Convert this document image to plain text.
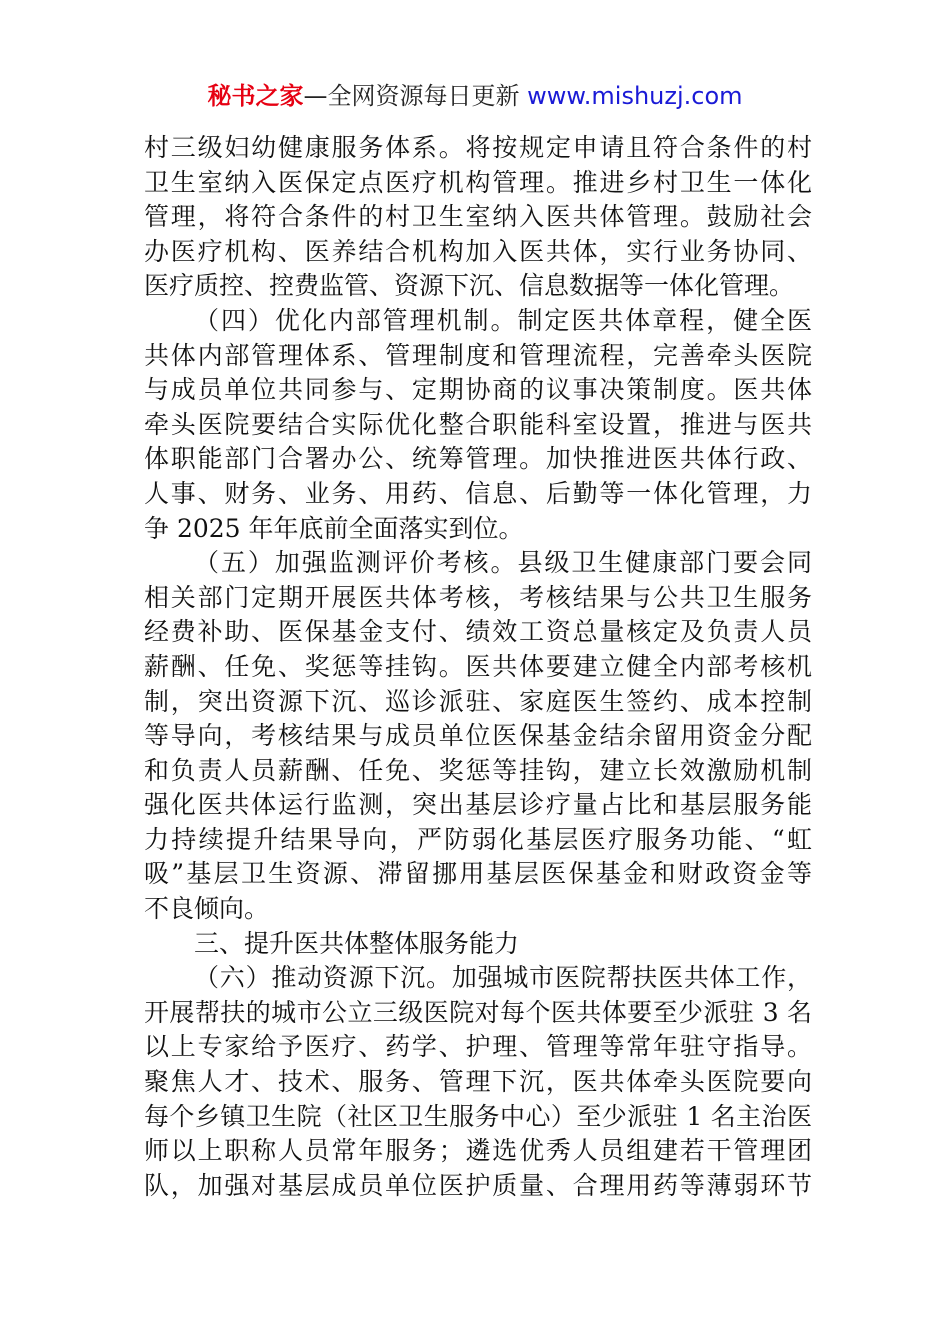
秘书之家—全网资源每日更新 www.mishuzj.com
村三级妇幼健康服务体系。将按规定申请且符合条件的村
卫生室纳入医保定点医疗机构管理。推进乡村卫生一体化
管理，将符合条件的村卫生室纳入医共体管理。鼓励社会
办医疗机构、医养结合机构加入医共体，实行业务协同、
医疗质控、控费监管、资源下沉、信息数据等一体化管理。
（四）优化内部管理机制。制定医共体章程，健全医
共体内部管理体系、管理制度和管理流程，完善牵头医院
与成员单位共同参与、定期协商的议事决策制度。医共体
牵头医院要结合实际优化整合职能科室设置，推进与医共
体职能部门合署办公、统筹管理。加快推进医共体行政、
人事、财务、业务、用药、信息、后勤等一体化管理，力
争 2025 年年底前全面落实到位。
（五）加强监测评价考核。县级卫生健康部门要会同
相关部门定期开展医共体考核，考核结果与公共卫生服务
经费补助、医保基金支付、绩效工资总量核定及负责人员
薪酬、任免、奖惩等挂钩。医共体要建立健全内部考核机
制，突出资源下沉、巡诊派驻、家庭医生签约、成本控制
等导向，考核结果与成员单位医保基金结余留用资金分配
和负责人员薪酬、任免、奖惩等挂钩，建立长效激励机制
强化医共体运行监测，突出基层诊疗量占比和基层服务能
力持续提升结果导向，严防弱化基层医疗服务功能、“虹
吸”基层卫生资源、滞留挪用基层医保基金和财政资金等
不良倾向。
三、提升医共体整体服务能力
（六）推动资源下沉。加强城市医院帮扶医共体工作，
开展帮扶的城市公立三级医院对每个医共体要至少派驻 3 名
以上专家给予医疗、药学、护理、管理等常年驻守指导。
聚焦人才、技术、服务、管理下沉，医共体牵头医院要向
每个乡镇卫生院（社区卫生服务中心）至少派驻 1 名主治医
师以上职称人员常年服务；遴选优秀人员组建若干管理团
队，加强对基层成员单位医护质量、合理用药等薄弱环节
